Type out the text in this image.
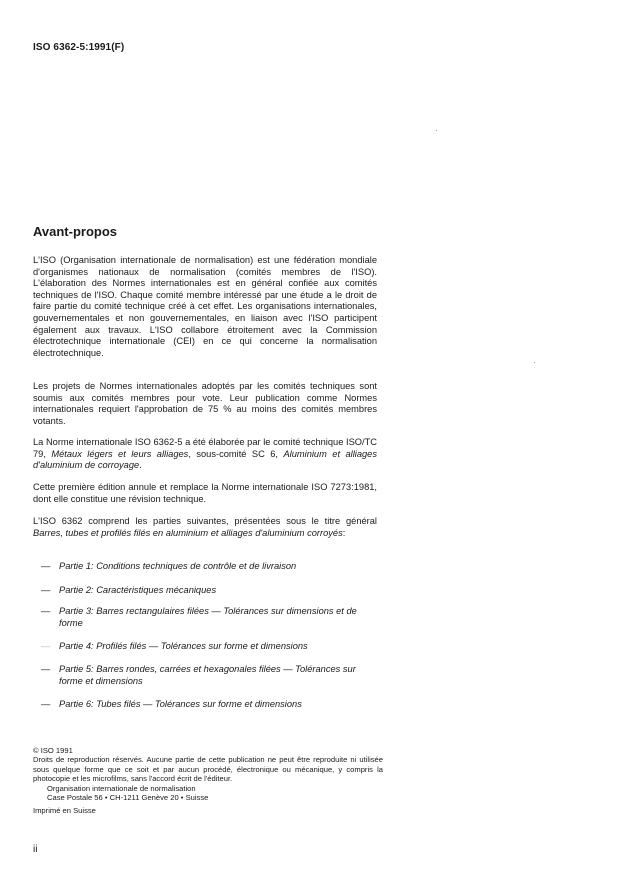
ISO 6362-5:1991(F)
Avant-propos
L'ISO (Organisation internationale de normalisation) est une fédération mondiale d'organismes nationaux de normalisation (comités membres de l'ISO). L'élaboration des Normes internationales est en général confiée aux comités techniques de l'ISO. Chaque comité membre intéressé par une étude a le droit de faire partie du comité technique créé à cet effet. Les organisations internationales, gouvernementales et non gouvernementales, en liaison avec l'ISO participent également aux travaux. L'ISO collabore étroitement avec la Commission électrotechnique internationale (CEI) en ce qui concerne la normalisation électrotechnique.
Les projets de Normes internationales adoptés par les comités techniques sont soumis aux comités membres pour vote. Leur publication comme Normes internationales requiert l'approbation de 75 % au moins des comités membres votants.
La Norme internationale ISO 6362-5 a été élaborée par le comité technique ISO/TC 79, Métaux légers et leurs alliages, sous-comité SC 6, Aluminium et alliages d'aluminium de corroyage.
Cette première édition annule et remplace la Norme internationale ISO 7273:1981, dont elle constitue une révision technique.
L'ISO 6362 comprend les parties suivantes, présentées sous le titre général Barres, tubes et profilés filés en aluminium et alliages d'aluminium corroyés:
— Partie 1: Conditions techniques de contrôle et de livraison
— Partie 2: Caractéristiques mécaniques
— Partie 3: Barres rectangulaires filées — Tolérances sur dimensions et de forme
— Partie 4: Profilés filés — Tolérances sur forme et dimensions
— Partie 5: Barres rondes, carrées et hexagonales filées — Tolérances sur forme et dimensions
— Partie 6: Tubes filés — Tolérances sur forme et dimensions
© ISO 1991
Droits de reproduction réservés. Aucune partie de cette publication ne peut être reproduite ni utilisée sous quelque forme que ce soit et par aucun procédé, électronique ou mécanique, y compris la photocopie et les microfilms, sans l'accord écrit de l'éditeur.
Organisation internationale de normalisation
Case Postale 56 • CH-1211 Genève 20 • Suisse
Imprimé en Suisse
ii
